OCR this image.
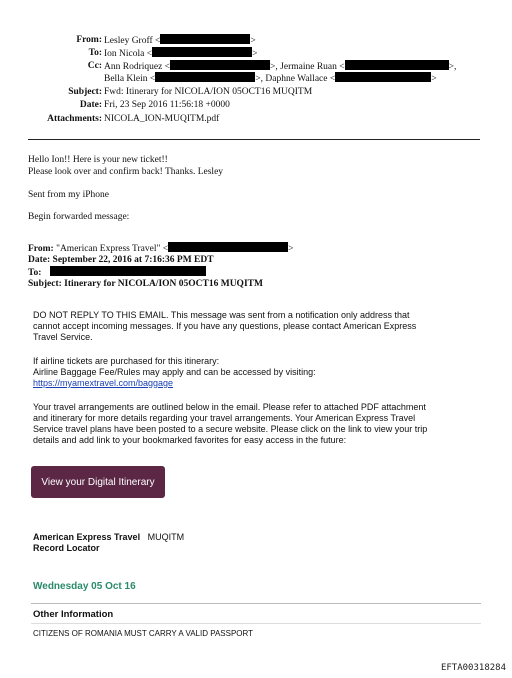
From: Lesley Groff <	>
To: Ion Nicola <	>
Cc: Ann Rodriquez <	>, Jermaine Ruan <	>,
Bella Klein <	>, Daphne Wallace <	>
Subject: Fwd: Itinerary for NICOLA/ION 05OCT16 MUQITM
Date: Fri, 23 Sep 2016 11:56:18 +0000
Attachments: NICOLA_ION-MUQITM.pdf
Hello Ion!! Here is your new ticket!!
Please look over and confirm back! Thanks. Lesley
Sent from my iPhone
Begin forwarded message:
From: "American Express Travel" <	>
Date: September 22, 2016 at 7:16:36 PM EDT
To:
Subject: Itinerary for NICOLA/ION 05OCT16 MUQITM
DO NOT REPLY TO THIS EMAIL. This message was sent from a notification only address that
cannot accept incoming messages. If you have any questions, please contact American Express
Travel Service.
If airline tickets are purchased for this itinerary:
Airline Baggage Fee/Rules may apply and can be accessed by visiting:
https://myamextravel.com/baggage
Your travel arrangements are outlined below in the email. Please refer to attached PDF attachment
and itinerary for more details regarding your travel arrangements. Your American Express Travel
Service travel plans have been posted to a secure website. Please click on the link to view your trip
details and add link to your bookmarked favorites for easy access in the future:
View your Digital Itinerary
American Express Travel MUQITM
Record Locator
Wednesday 05 Oct 16
Other Information
CITIZENS OF ROMANIA MUST CARRY A VALID PASSPORT
EFTA00318284
